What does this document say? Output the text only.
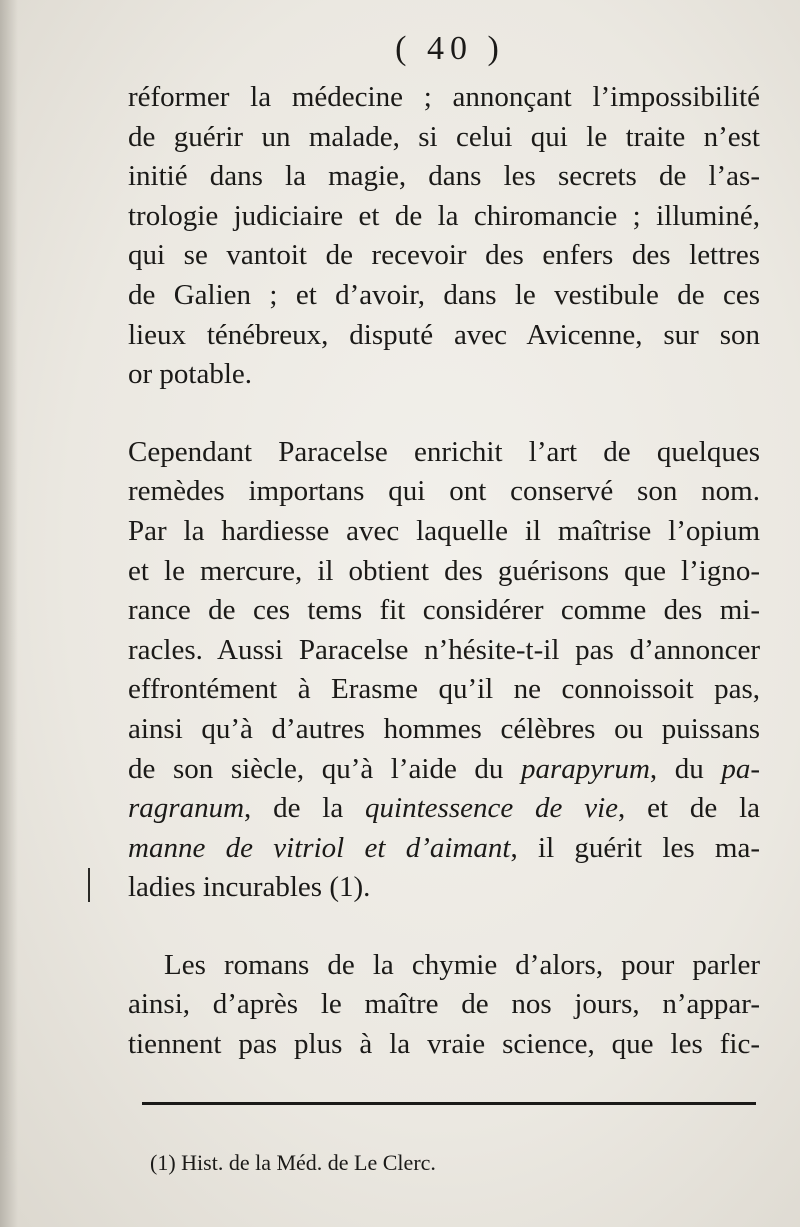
( 40 )
réformer la médecine ; annonçant l’impossibilité
de guérir un malade, si celui qui le traite n’est
initié dans la magie, dans les secrets de l’as-
trologie judiciaire et de la chiromancie ; illuminé,
qui se vantoit de recevoir des enfers des lettres
de Galien ; et d’avoir, dans le vestibule de ces
lieux ténébreux, disputé avec Avicenne, sur son
or potable.
Cependant Paracelse enrichit l’art de quelques
remèdes importans qui ont conservé son nom.
Par la hardiesse avec laquelle il maîtrise l’opium
et le mercure, il obtient des guérisons que l’igno-
rance de ces tems fit considérer comme des mi-
racles. Aussi Paracelse n’hésite-t-il pas d’annoncer
effrontément à Erasme qu’il ne connoissoit pas,
ainsi qu’à d’autres hommes célèbres ou puissans
de son siècle, qu’à l’aide du parapyrum, du pa-
ragranum, de la quintessence de vie, et de la
manne de vitriol et d’aimant, il guérit les ma-
ladies incurables (1).
Les romans de la chymie d’alors, pour parler
ainsi, d’après le maître de nos jours, n’appar-
tiennent pas plus à la vraie science, que les fic-
(1) Hist. de la Méd. de Le Clerc.
